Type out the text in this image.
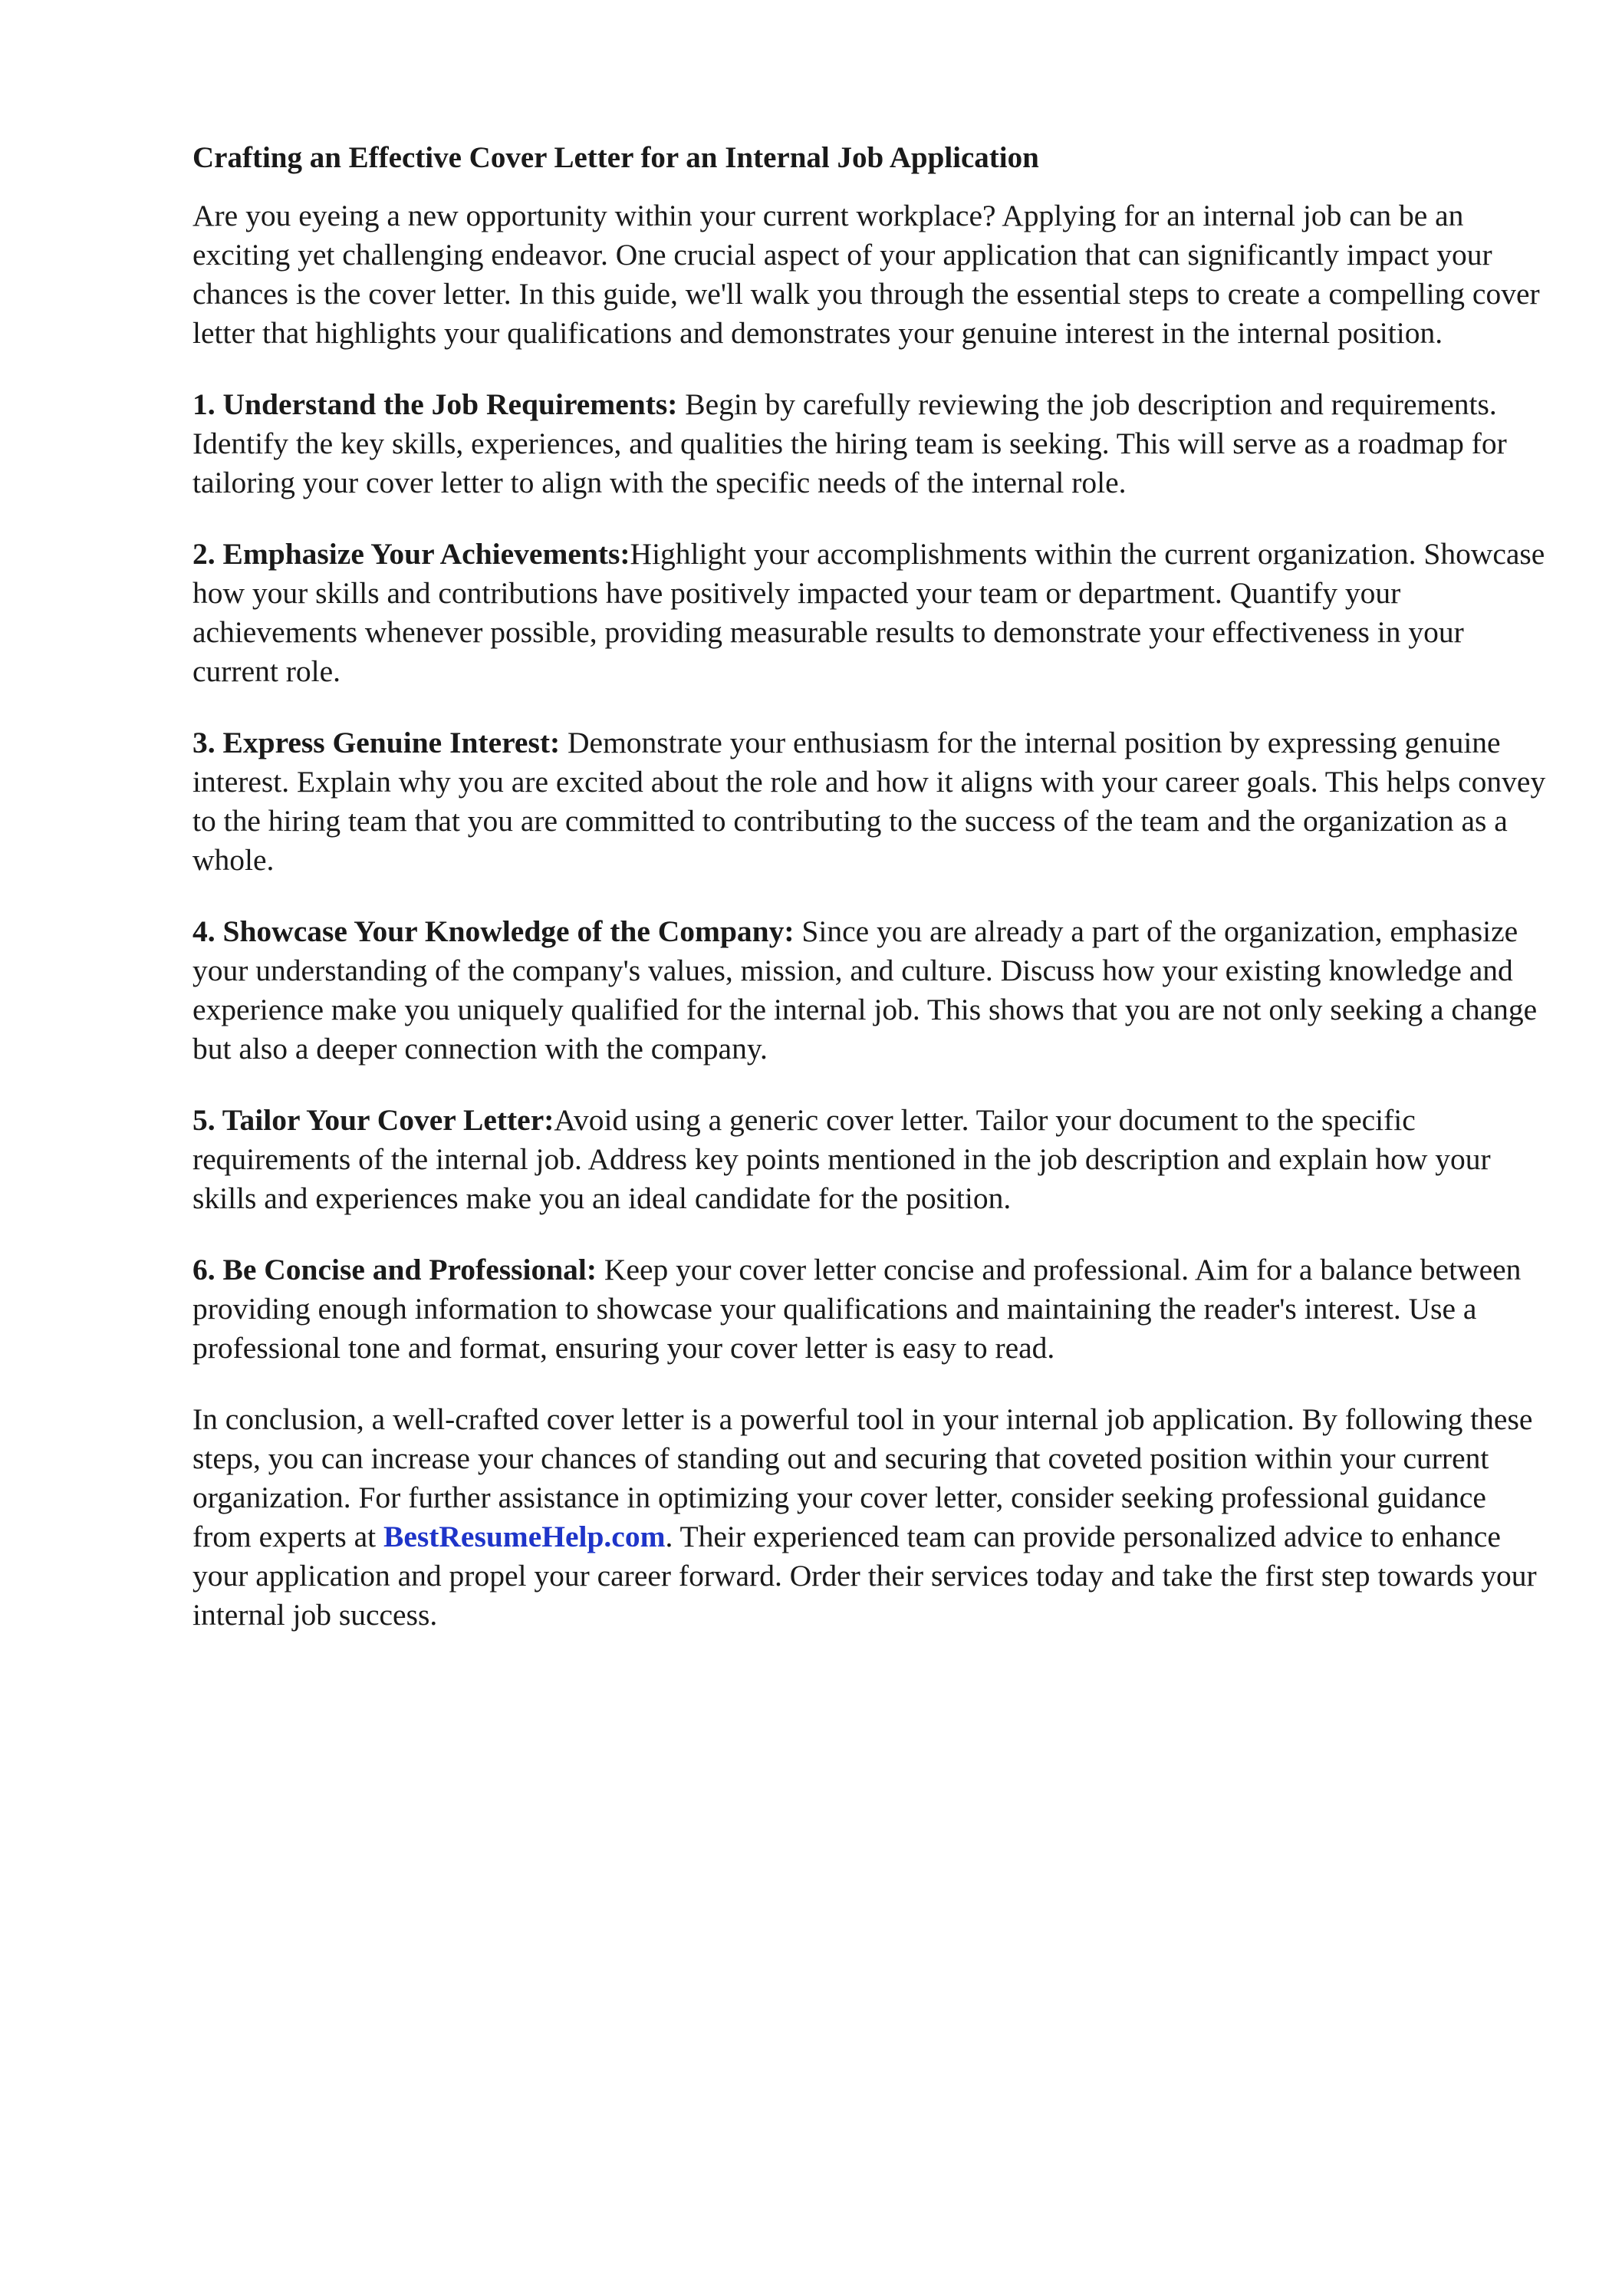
Crafting an Effective Cover Letter for an Internal Job Application

Are you eyeing a new opportunity within your current workplace? Applying for an internal job can be an exciting yet challenging endeavor. One crucial aspect of your application that can significantly impact your chances is the cover letter. In this guide, we'll walk you through the essential steps to create a compelling cover letter that highlights your qualifications and demonstrates your genuine interest in the internal position.

1. Understand the Job Requirements: Begin by carefully reviewing the job description and requirements. Identify the key skills, experiences, and qualities the hiring team is seeking. This will serve as a roadmap for tailoring your cover letter to align with the specific needs of the internal role.

2. Emphasize Your Achievements:Highlight your accomplishments within the current organization. Showcase how your skills and contributions have positively impacted your team or department. Quantify your achievements whenever possible, providing measurable results to demonstrate your effectiveness in your current role.

3. Express Genuine Interest: Demonstrate your enthusiasm for the internal position by expressing genuine interest. Explain why you are excited about the role and how it aligns with your career goals. This helps convey to the hiring team that you are committed to contributing to the success of the team and the organization as a whole.

4. Showcase Your Knowledge of the Company: Since you are already a part of the organization, emphasize your understanding of the company's values, mission, and culture. Discuss how your existing knowledge and experience make you uniquely qualified for the internal job. This shows that you are not only seeking a change but also a deeper connection with the company.

5. Tailor Your Cover Letter:Avoid using a generic cover letter. Tailor your document to the specific requirements of the internal job. Address key points mentioned in the job description and explain how your skills and experiences make you an ideal candidate for the position.

6. Be Concise and Professional: Keep your cover letter concise and professional. Aim for a balance between providing enough information to showcase your qualifications and maintaining the reader's interest. Use a professional tone and format, ensuring your cover letter is easy to read.

In conclusion, a well-crafted cover letter is a powerful tool in your internal job application. By following these steps, you can increase your chances of standing out and securing that coveted position within your current organization. For further assistance in optimizing your cover letter, consider seeking professional guidance from experts at BestResumeHelp.com. Their experienced team can provide personalized advice to enhance your application and propel your career forward. Order their services today and take the first step towards your internal job success.
